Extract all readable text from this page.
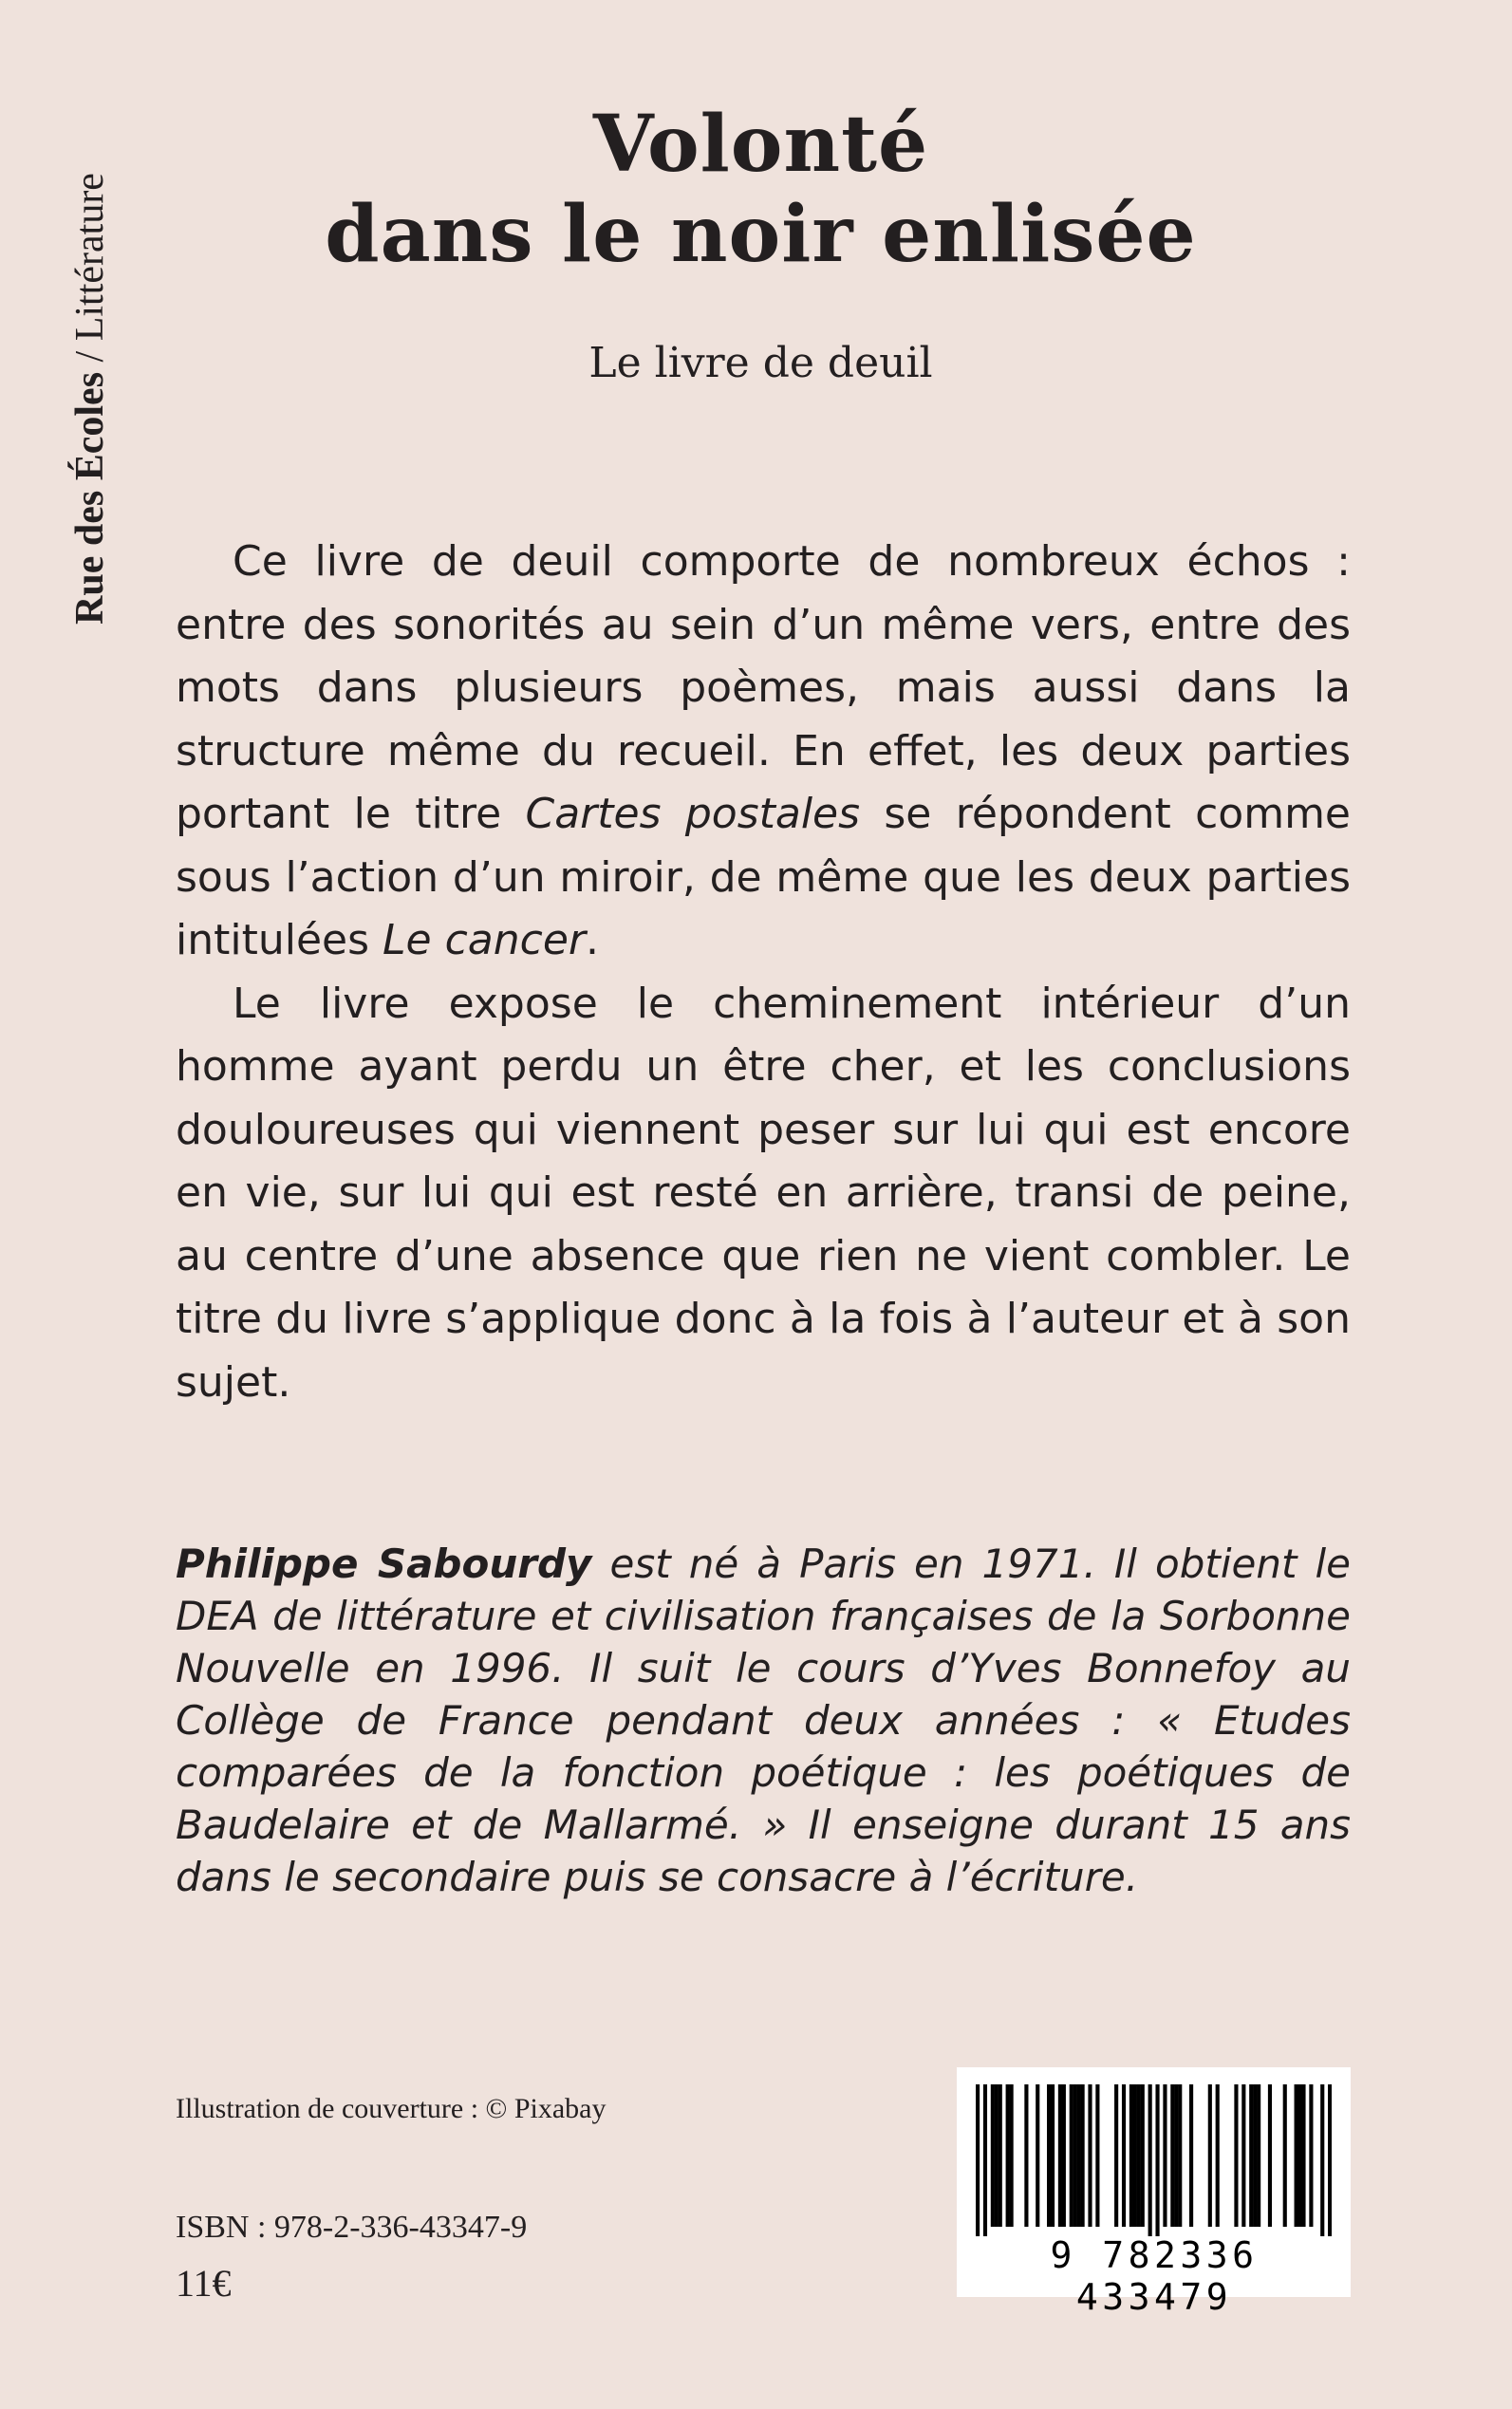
Rue des Écoles / Littérature
Volonté
dans le noir enlisée
Le livre de deuil

Ce livre de deuil comporte de nombreux échos : entre des sonorités au sein d’un même vers, entre des mots dans plusieurs poèmes, mais aussi dans la structure même du recueil. En effet, les deux parties portant le titre Cartes postales se répondent comme sous l’action d’un miroir, de même que les deux parties intitulées Le cancer.

Le livre expose le cheminement intérieur d’un homme ayant perdu un être cher, et les conclusions douloureuses qui viennent peser sur lui qui est encore en vie, sur lui qui est resté en arrière, transi de peine, au centre d’une absence que rien ne vient combler. Le titre du livre s’applique donc à la fois à l’auteur et à son sujet.

Philippe Sabourdy est né à Paris en 1971. Il obtient le DEA de littérature et civilisation françaises de la Sorbonne Nouvelle en 1996. Il suit le cours d’Yves Bonnefoy au Collège de France pendant deux années : « Etudes comparées de la fonction poétique : les poétiques de Baudelaire et de Mallarmé. » Il enseigne durant 15 ans dans le secondaire puis se consacre à l’écriture.
Illustration de couverture : © Pixabay
ISBN : 978-2-336-43347-9
11€
9 782336 433479
